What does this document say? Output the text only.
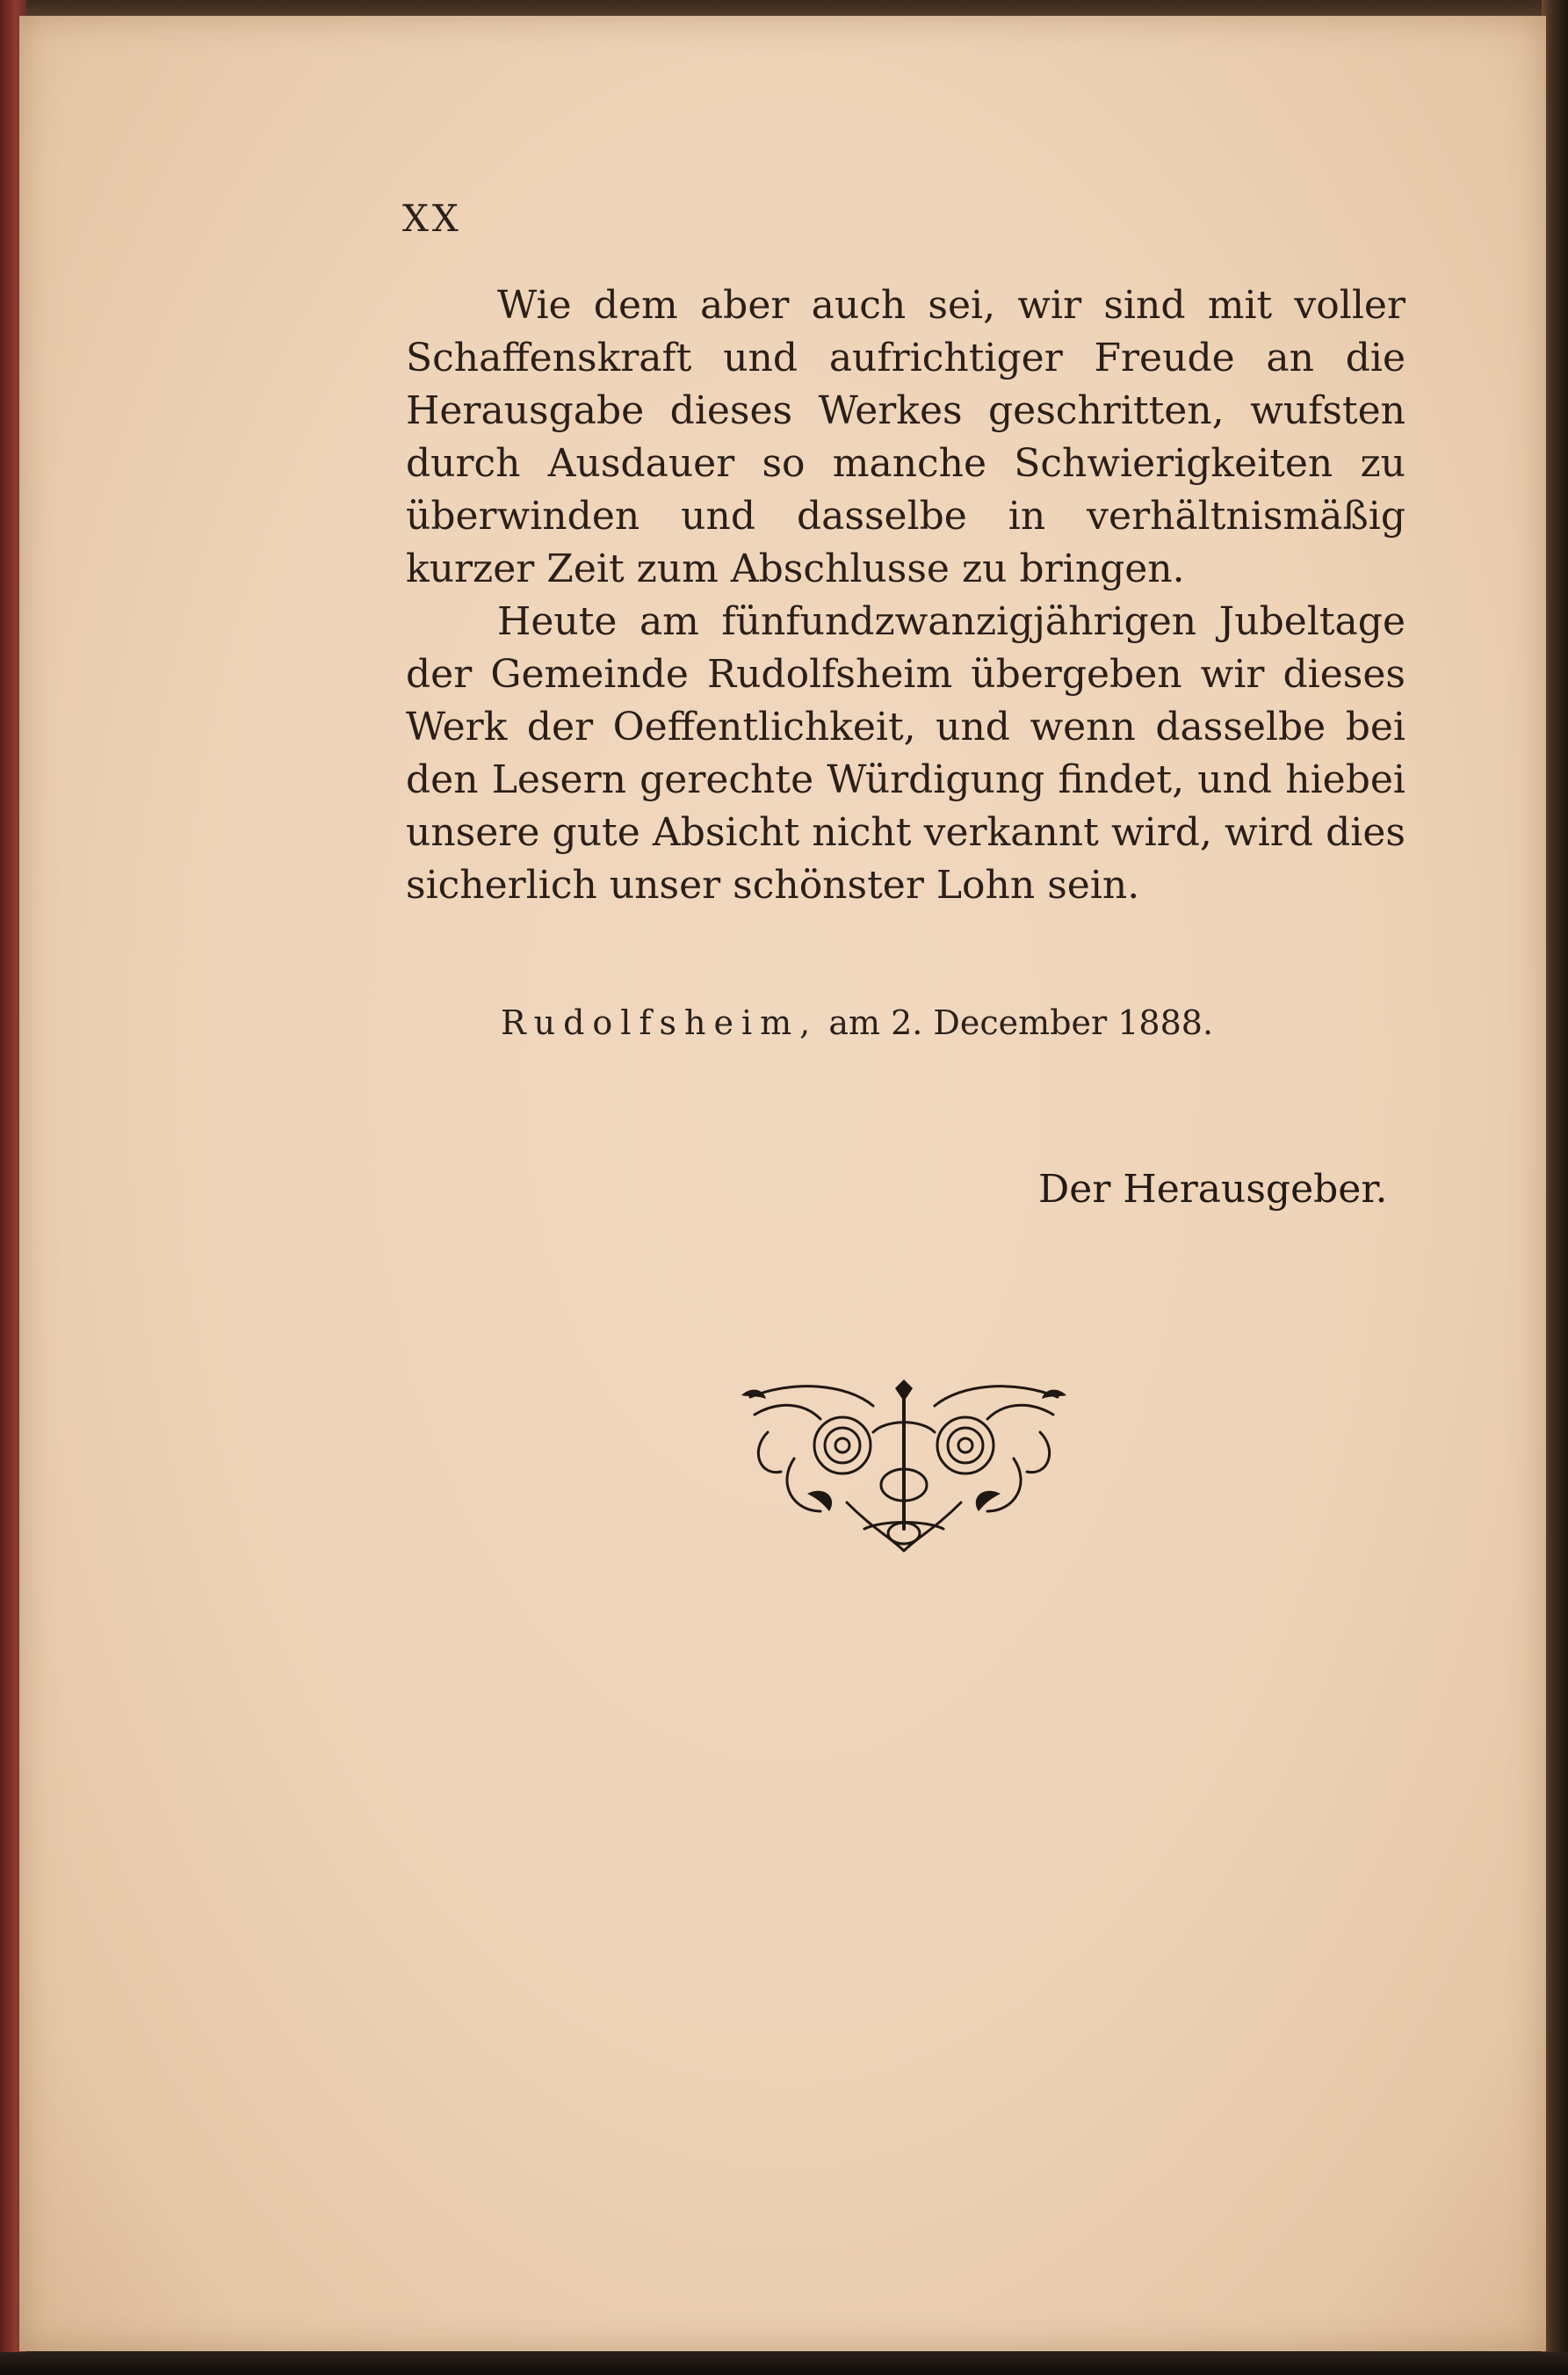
XX

Wie dem aber auch sei, wir sind mit voller Schaffenskraft und aufrichtiger Freude an die Herausgabe dieses Werkes geschritten, wufsten durch Ausdauer so manche Schwierigkeiten zu überwinden und dasselbe in verhältnismäßig kurzer Zeit zum Abschlusse zu bringen.

Heute am fünfundzwanzigjährigen Jubeltage der Gemeinde Rudolfsheim übergeben wir dieses Werk der Oeffentlichkeit, und wenn dasselbe bei den Lesern gerechte Würdigung findet, und hiebei unsere gute Absicht nicht verkannt wird, wird dies sicherlich unser schönster Lohn sein.

Rudolfsheim, am 2. December 1888.
Der Herausgeber.
